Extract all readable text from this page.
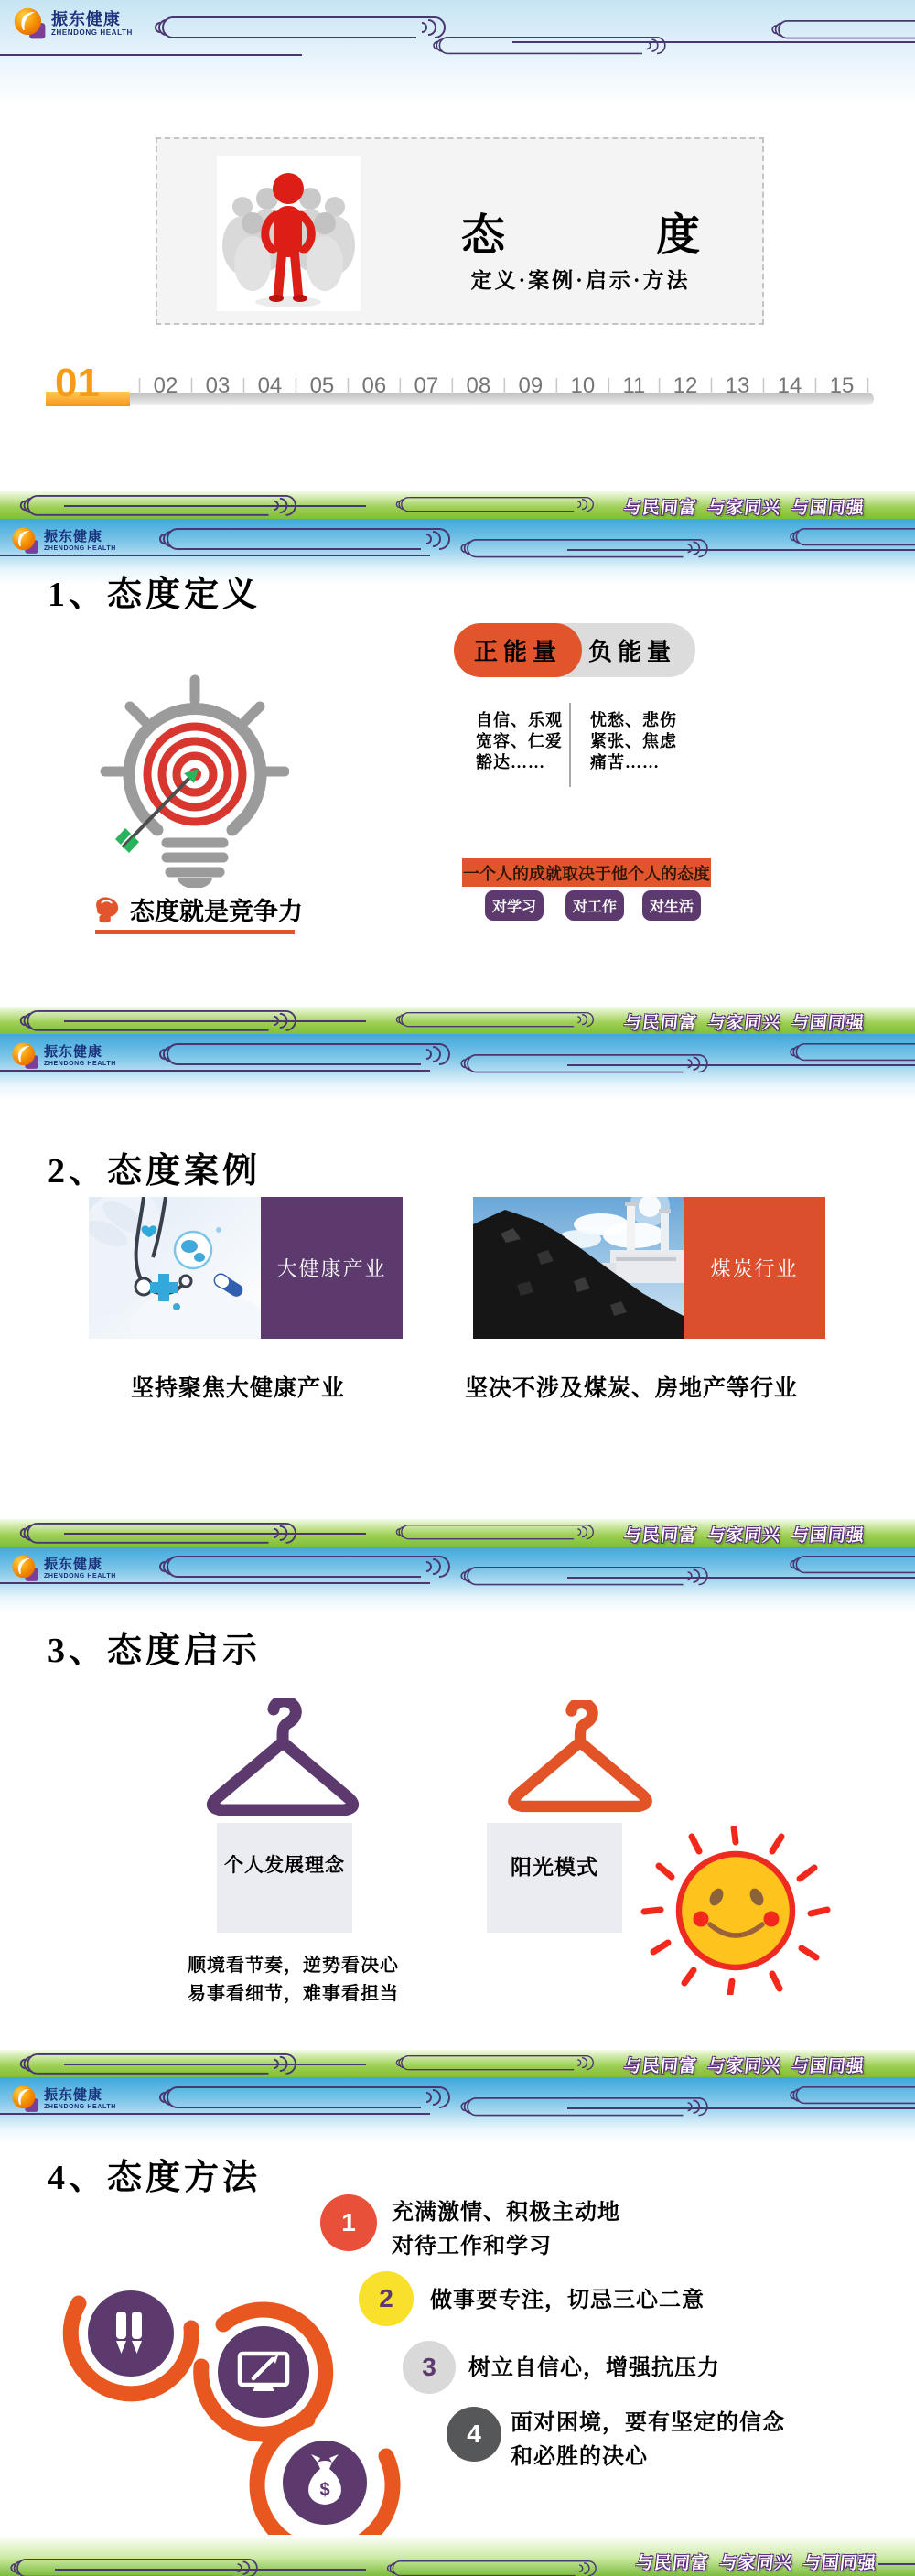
振东健康
ZHENDONG HEALTH
态	度
定义·案例·启示·方法
01 | 02 | 03 | 04 | 05 | 06 | 07 | 08 | 09 | 10 | 11 | 12 | 13 | 14 | 15 |
与民同富  与家同兴  与国同强
振东健康
ZHENDONG HEALTH
1、态度定义
态度就是竞争力
正能量	负能量
自信、乐观
宽容、仁爱
豁达……
忧愁、悲伤
紧张、焦虑
痛苦……
一个人的成就取决于他个人的态度
对学习	对工作	对生活
与民同富  与家同兴  与国同强
振东健康
ZHENDONG HEALTH
2、态度案例
大健康产业
坚持聚焦大健康产业
煤炭行业
坚决不涉及煤炭、房地产等行业
与民同富  与家同兴  与国同强
振东健康
ZHENDONG HEALTH
3、态度启示
个人发展理念	阳光模式
顺境看节奏，逆势看决心
易事看细节，难事看担当
与民同富  与家同兴  与国同强
振东健康
ZHENDONG HEALTH
4、态度方法
$
1	充满激情、积极主动地
对待工作和学习
2	做事要专注，切忌三心二意
3	树立自信心，增强抗压力
4	面对困境，要有坚定的信念
和必胜的决心
与民同富  与家同兴  与国同强
